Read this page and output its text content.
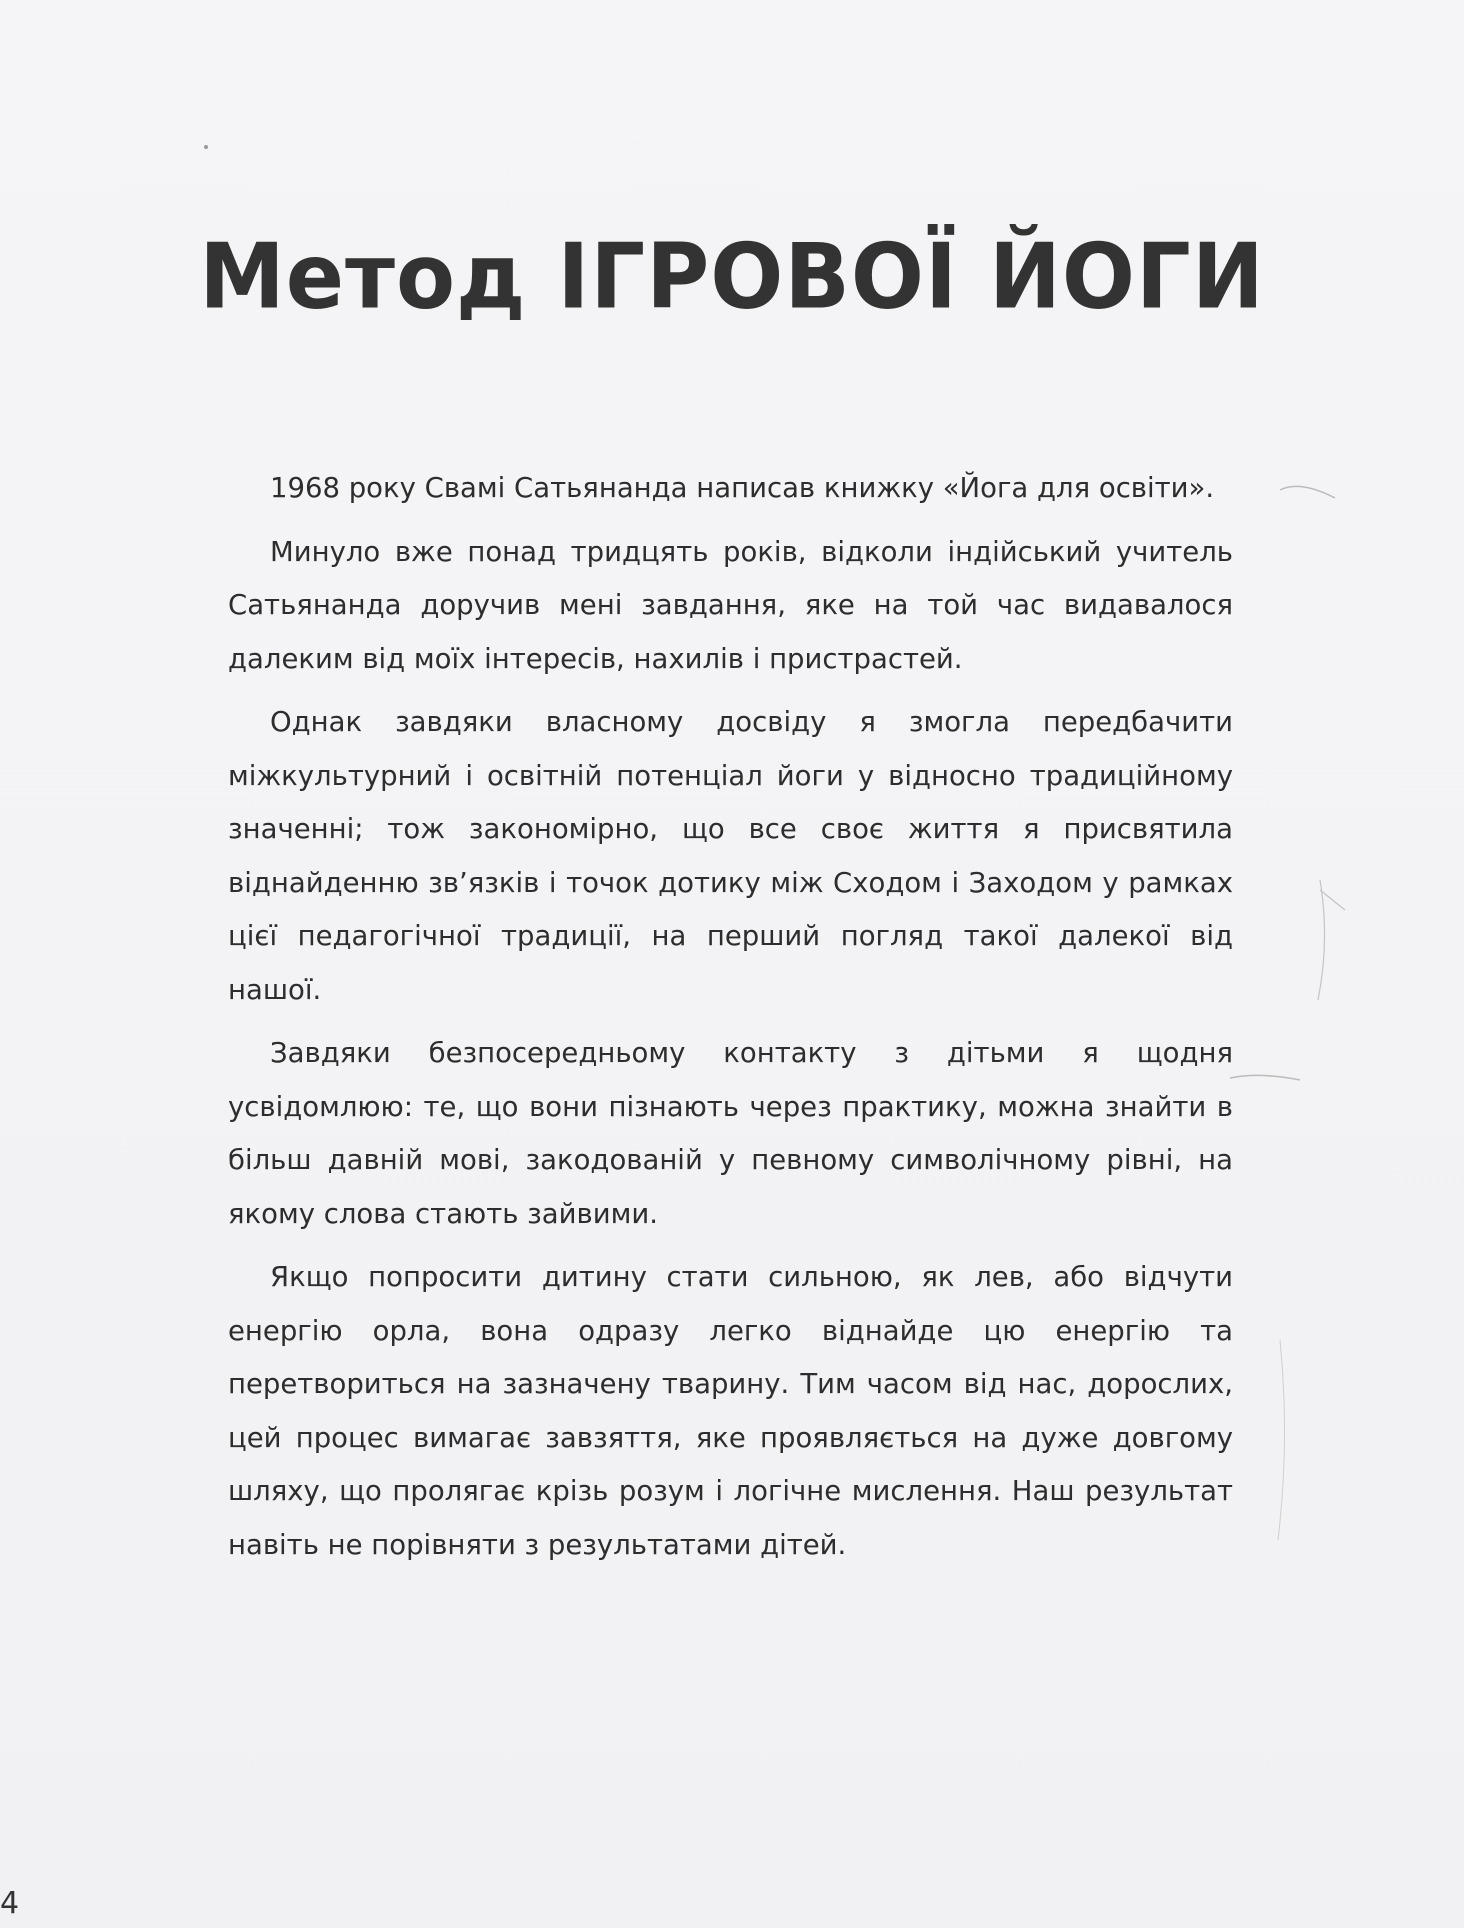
Метод ІГРОВОЇ ЙОГИ

1968 року Свамі Сатьянанда написав книжку «Йога для освіти».

Минуло вже понад тридцять років, відколи індійський учитель Сатьянанда доручив мені завдання, яке на той час видавалося далеким від моїх інтересів, нахилів і пристрастей.

Однак завдяки власному досвіду я змогла передбачити міжкультурний і освітній потенціал йоги у відносно традиційному значенні; тож закономірно, що все своє життя я присвятила віднайденню зв’язків і точок дотику між Сходом і Заходом у рамках цієї педагогічної традиції, на перший погляд такої далекої від нашої.

Завдяки безпосередньому контакту з дітьми я щодня усвідомлюю: те, що вони пізнають через практику, можна знайти в більш давній мові, закодованій у певному символічному рівні, на якому слова стають зайвими.

Якщо попросити дитину стати сильною, як лев, або відчути енергію орла, вона одразу легко віднайде цю енергію та перетвориться на зазначену тварину. Тим часом від нас, дорослих, цей процес вимагає завзяття, яке проявляється на дуже довгому шляху, що пролягає крізь розум і логічне мислення. Наш результат навіть не порівняти з результатами дітей.

4
